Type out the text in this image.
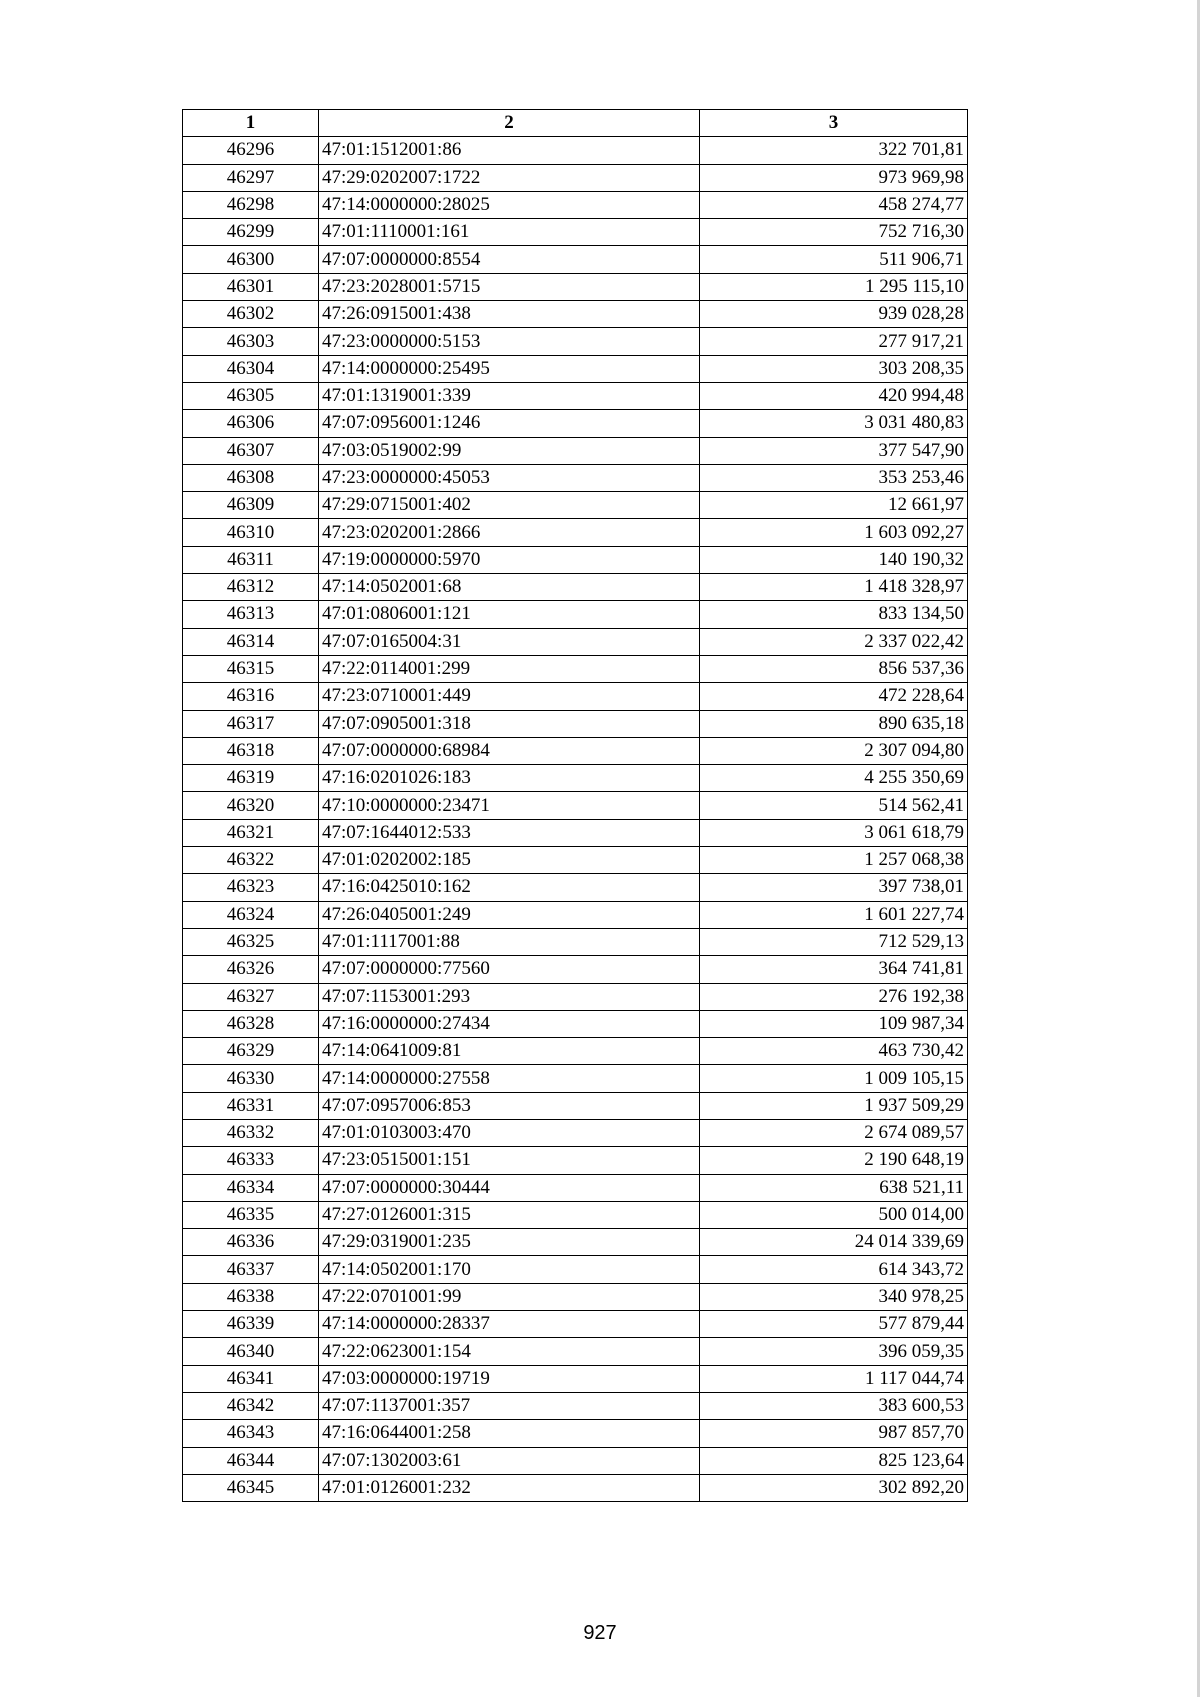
1	2	3
46296	47:01:1512001:86	322 701,81
46297	47:29:0202007:1722	973 969,98
46298	47:14:0000000:28025	458 274,77
46299	47:01:1110001:161	752 716,30
46300	47:07:0000000:8554	511 906,71
46301	47:23:2028001:5715	1 295 115,10
46302	47:26:0915001:438	939 028,28
46303	47:23:0000000:5153	277 917,21
46304	47:14:0000000:25495	303 208,35
46305	47:01:1319001:339	420 994,48
46306	47:07:0956001:1246	3 031 480,83
46307	47:03:0519002:99	377 547,90
46308	47:23:0000000:45053	353 253,46
46309	47:29:0715001:402	12 661,97
46310	47:23:0202001:2866	1 603 092,27
46311	47:19:0000000:5970	140 190,32
46312	47:14:0502001:68	1 418 328,97
46313	47:01:0806001:121	833 134,50
46314	47:07:0165004:31	2 337 022,42
46315	47:22:0114001:299	856 537,36
46316	47:23:0710001:449	472 228,64
46317	47:07:0905001:318	890 635,18
46318	47:07:0000000:68984	2 307 094,80
46319	47:16:0201026:183	4 255 350,69
46320	47:10:0000000:23471	514 562,41
46321	47:07:1644012:533	3 061 618,79
46322	47:01:0202002:185	1 257 068,38
46323	47:16:0425010:162	397 738,01
46324	47:26:0405001:249	1 601 227,74
46325	47:01:1117001:88	712 529,13
46326	47:07:0000000:77560	364 741,81
46327	47:07:1153001:293	276 192,38
46328	47:16:0000000:27434	109 987,34
46329	47:14:0641009:81	463 730,42
46330	47:14:0000000:27558	1 009 105,15
46331	47:07:0957006:853	1 937 509,29
46332	47:01:0103003:470	2 674 089,57
46333	47:23:0515001:151	2 190 648,19
46334	47:07:0000000:30444	638 521,11
46335	47:27:0126001:315	500 014,00
46336	47:29:0319001:235	24 014 339,69
46337	47:14:0502001:170	614 343,72
46338	47:22:0701001:99	340 978,25
46339	47:14:0000000:28337	577 879,44
46340	47:22:0623001:154	396 059,35
46341	47:03:0000000:19719	1 117 044,74
46342	47:07:1137001:357	383 600,53
46343	47:16:0644001:258	987 857,70
46344	47:07:1302003:61	825 123,64
46345	47:01:0126001:232	302 892,20
927
